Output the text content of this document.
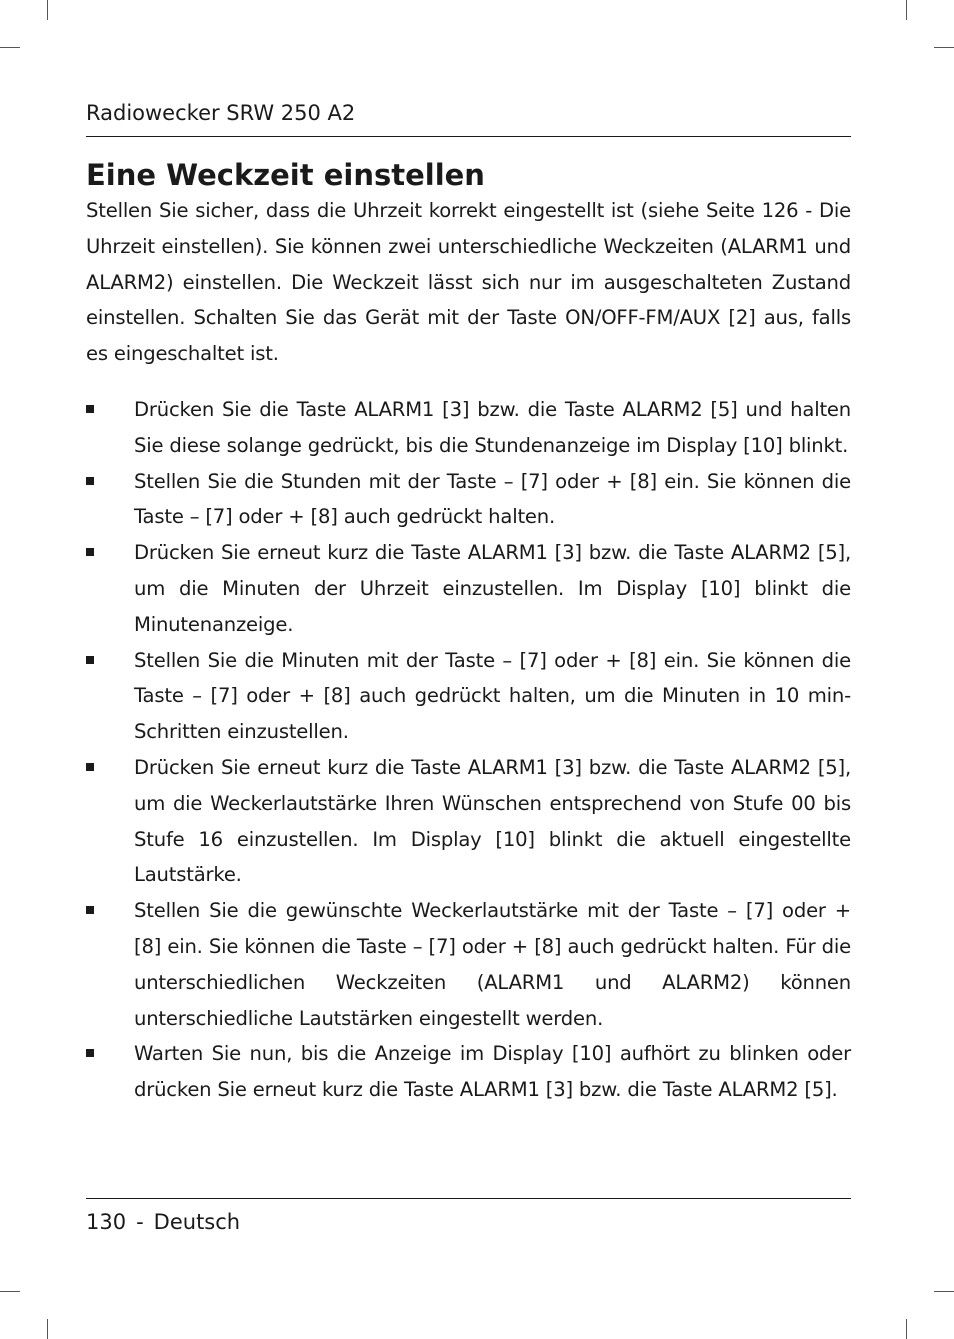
Radiowecker SRW 250 A2

Eine Weckzeit einstellen

Stellen Sie sicher, dass die Uhrzeit korrekt eingestellt ist (siehe Seite 126 - Die Uhrzeit einstellen). Sie können zwei unterschiedliche Weckzeiten (ALARM1 und ALARM2) einstellen. Die Weckzeit lässt sich nur im ausgeschalteten Zustand einstellen. Schalten Sie das Gerät mit der Taste ON/OFF-FM/AUX [2] aus, falls es eingeschaltet ist.

Drücken Sie die Taste ALARM1 [3] bzw. die Taste ALARM2 [5] und halten Sie diese solange gedrückt, bis die Stundenanzeige im Display [10] blinkt.
Stellen Sie die Stunden mit der Taste – [7] oder + [8] ein. Sie können die Taste – [7] oder + [8] auch gedrückt halten.
Drücken Sie erneut kurz die Taste ALARM1 [3] bzw. die Taste ALARM2 [5], um die Minuten der Uhrzeit einzustellen. Im Display [10] blinkt die Minutenanzeige.
Stellen Sie die Minuten mit der Taste – [7] oder + [8] ein. Sie können die Taste – [7] oder + [8] auch gedrückt halten, um die Minuten in 10 min-Schritten einzustellen.
Drücken Sie erneut kurz die Taste ALARM1 [3] bzw. die Taste ALARM2 [5], um die Weckerlautstärke Ihren Wünschen entsprechend von Stufe 00 bis Stufe 16 einzustellen. Im Display [10] blinkt die aktuell eingestellte Lautstärke.
Stellen Sie die gewünschte Weckerlautstärke mit der Taste – [7] oder + [8] ein. Sie können die Taste – [7] oder + [8] auch gedrückt halten. Für die unterschiedlichen Weckzeiten (ALARM1 und ALARM2) können unterschiedliche Lautstärken eingestellt werden.
Warten Sie nun, bis die Anzeige im Display [10] aufhört zu blinken oder drücken Sie erneut kurz die Taste ALARM1 [3] bzw. die Taste ALARM2 [5].
130 - Deutsch
